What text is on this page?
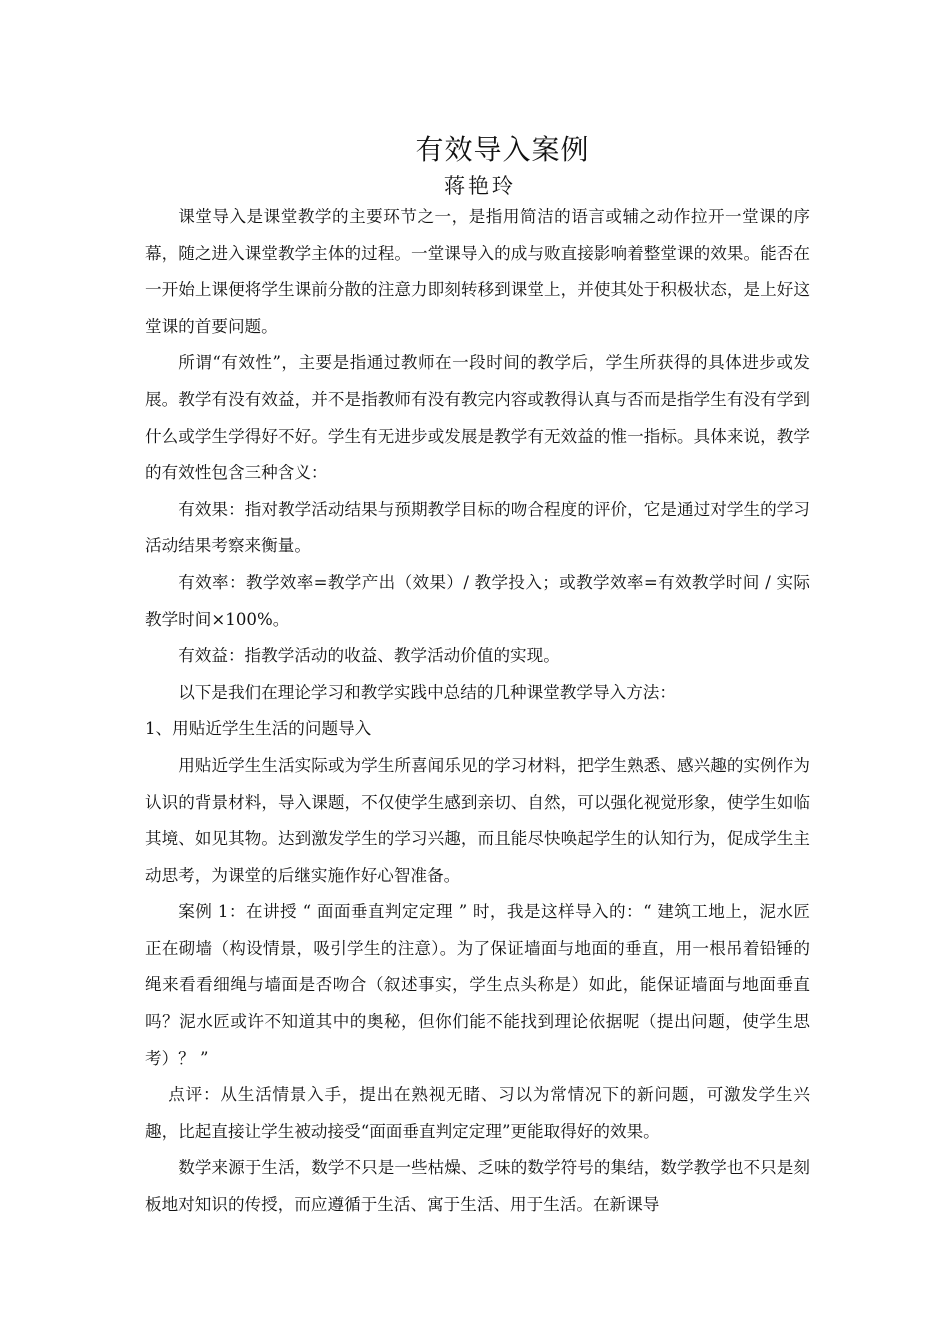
有效导入案例
蒋艳玲

课堂导入是课堂教学的主要环节之一，是指用简洁的语言或辅之动作拉开一堂课的序幕，随之进入课堂教学主体的过程。一堂课导入的成与败直接影响着整堂课的效果。能否在一开始上课便将学生课前分散的注意力即刻转移到课堂上，并使其处于积极状态，是上好这堂课的首要问题。

所谓“有效性”，主要是指通过教师在一段时间的教学后，学生所获得的具体进步或发展。教学有没有效益，并不是指教师有没有教完内容或教得认真与否而是指学生有没有学到什么或学生学得好不好。学生有无进步或发展是教学有无效益的惟一指标。具体来说，教学的有效性包含三种含义：

有效果：指对教学活动结果与预期教学目标的吻合程度的评价，它是通过对学生的学习活动结果考察来衡量。

有效率：教学效率=教学产出（效果）/ 教学投入；或教学效率=有效教学时间 / 实际教学时间×100%。

有效益：指教学活动的收益、教学活动价值的实现。

以下是我们在理论学习和教学实践中总结的几种课堂教学导入方法：

1、用贴近学生生活的问题导入

用贴近学生生活实际或为学生所喜闻乐见的学习材料，把学生熟悉、感兴趣的实例作为认识的背景材料，导入课题，不仅使学生感到亲切、自然，可以强化视觉形象，使学生如临其境、如见其物。达到激发学生的学习兴趣，而且能尽快唤起学生的认知行为，促成学生主动思考，为课堂的后继实施作好心智准备。

案例 1：在讲授 “ 面面垂直判定定理 ” 时，我是这样导入的：“ 建筑工地上，泥水匠正在砌墙（构设情景，吸引学生的注意）。为了保证墙面与地面的垂直，用一根吊着铅锤的绳来看看细绳与墙面是否吻合（叙述事实，学生点头称是）如此，能保证墙面与地面垂直吗？泥水匠或许不知道其中的奥秘，但你们能不能找到理论依据呢（提出问题，使学生思考）？ ”

点评：从生活情景入手，提出在熟视无睹、习以为常情况下的新问题，可激发学生兴趣，比起直接让学生被动接受“面面垂直判定定理”更能取得好的效果。

数学来源于生活，数学不只是一些枯燥、乏味的数学符号的集结，数学教学也不只是刻板地对知识的传授，而应遵循于生活、寓于生活、用于生活。在新课导
